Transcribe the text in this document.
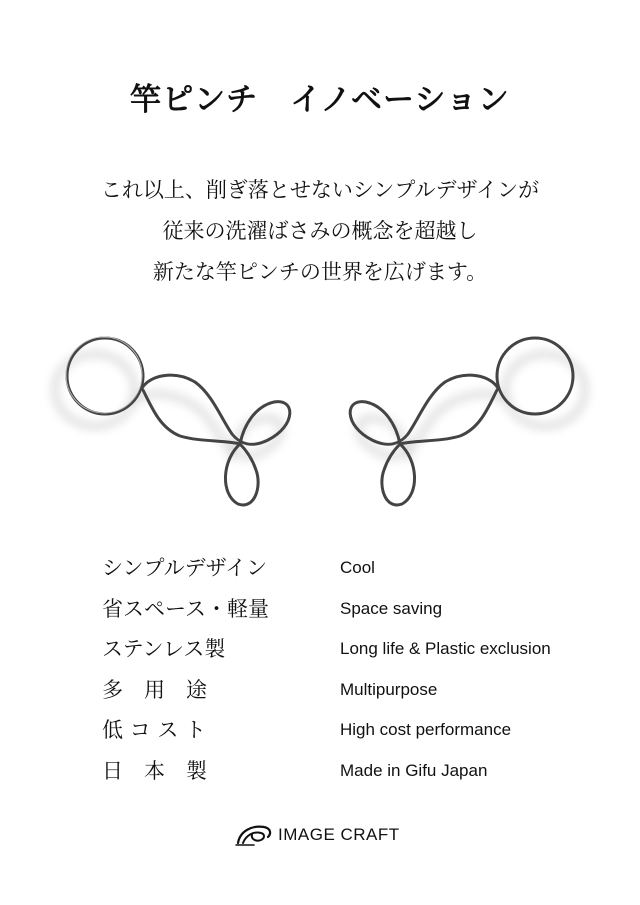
竿ピンチ　イノベーション
これ以上、削ぎ落とせないシンプルデザインが
従来の洗濯ばさみの概念を超越し
新たな竿ピンチの世界を広げます。
シンプルデザイン	Cool
省スペース・軽量	Space saving
ステンレス製	Long life & Plastic exclusion
多　用　途	Multipurpose
低 コ ス ト	High cost performance
日　本　製	Made in Gifu Japan
IMAGE CRAFT
